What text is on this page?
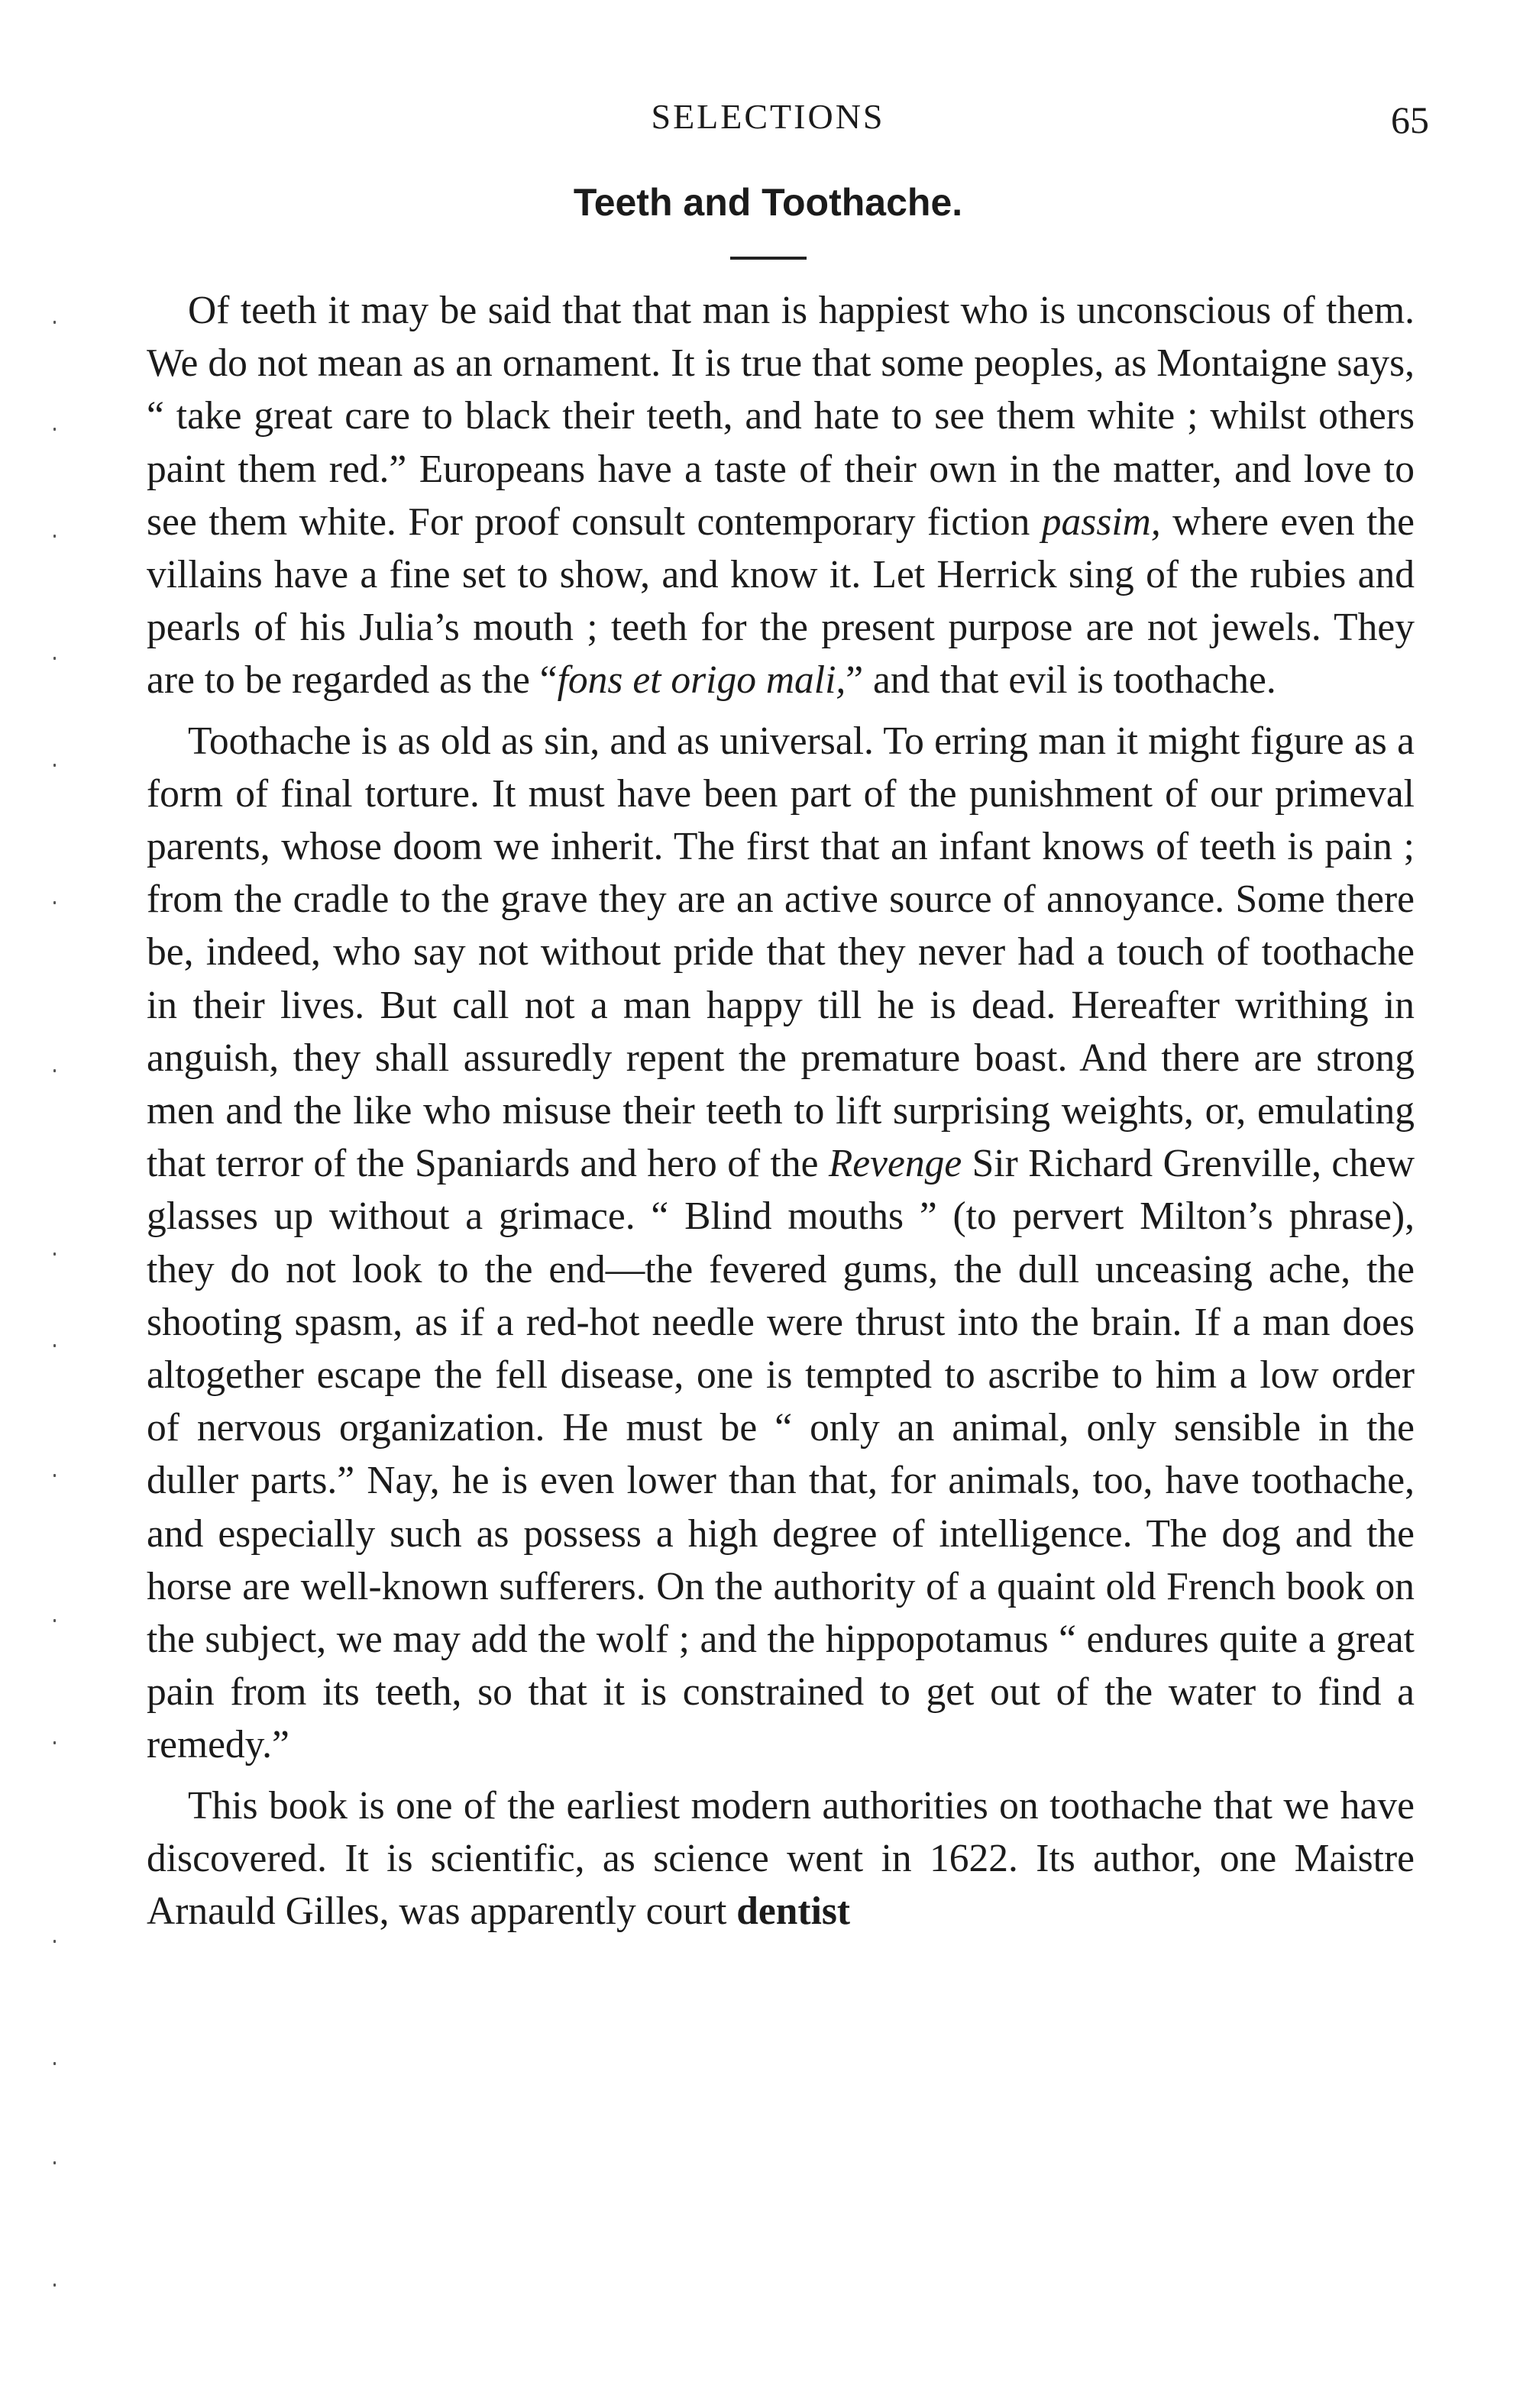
SELECTIONS	65
Teeth and Toothache.

Of teeth it may be said that that man is happiest who is unconscious of them. We do not mean as an ornament. It is true that some peoples, as Montaigne says, “ take great care to black their teeth, and hate to see them white ; whilst others paint them red.” Europeans have a taste of their own in the matter, and love to see them white. For proof consult contemporary fiction passim, where even the villains have a fine set to show, and know it. Let Herrick sing of the rubies and pearls of his Julia’s mouth ; teeth for the present purpose are not jewels. They are to be regarded as the “fons et origo mali,” and that evil is toothache.

Toothache is as old as sin, and as universal. To erring man it might figure as a form of final torture. It must have been part of the punishment of our primeval parents, whose doom we inherit. The first that an infant knows of teeth is pain ; from the cradle to the grave they are an active source of annoyance. Some there be, indeed, who say not without pride that they never had a touch of toothache in their lives. But call not a man happy till he is dead. Hereafter writhing in anguish, they shall assuredly repent the premature boast. And there are strong men and the like who misuse their teeth to lift surprising weights, or, emulating that terror of the Spaniards and hero of the Revenge Sir Richard Grenville, chew glasses up without a grimace. “ Blind mouths ” (to pervert Milton’s phrase), they do not look to the end—the fevered gums, the dull unceasing ache, the shooting spasm, as if a red-hot needle were thrust into the brain. If a man does altogether escape the fell disease, one is tempted to ascribe to him a low order of nervous organization. He must be “ only an animal, only sensible in the duller parts.” Nay, he is even lower than that, for animals, too, have toothache, and especially such as possess a high degree of intelligence. The dog and the horse are well-known sufferers. On the authority of a quaint old French book on the subject, we may add the wolf ; and the hippopotamus “ endures quite a great pain from its teeth, so that it is constrained to get out of the water to find a remedy.”

This book is one of the earliest modern authorities on toothache that we have discovered. It is scientific, as science went in 1622. Its author, one Maistre Arnauld Gilles, was apparently court dentist
